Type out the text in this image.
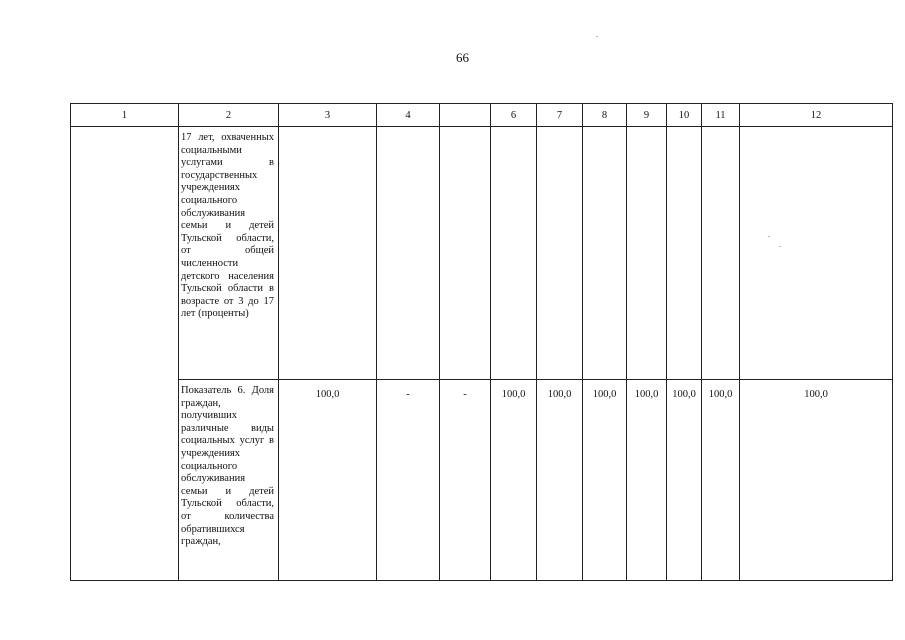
66
1	2	3	4		6	7	8	9	10	11	12

	17 лет, охваченных социальными услугами в государственных учреждениях социального обслуживания семьи и детей Тульской области, от общей численности детского населения Тульской области в возрасте от 3 до 17 лет (проценты)										

	Показатель 6. Доля граждан, получивших различные виды социальных услуг в учреждениях социального обслуживания семьи и детей Тульской области, от количества обратившихся граждан,	100,0	-	-	100,0	100,0	100,0	100,0	100,0	100,0	100,0
